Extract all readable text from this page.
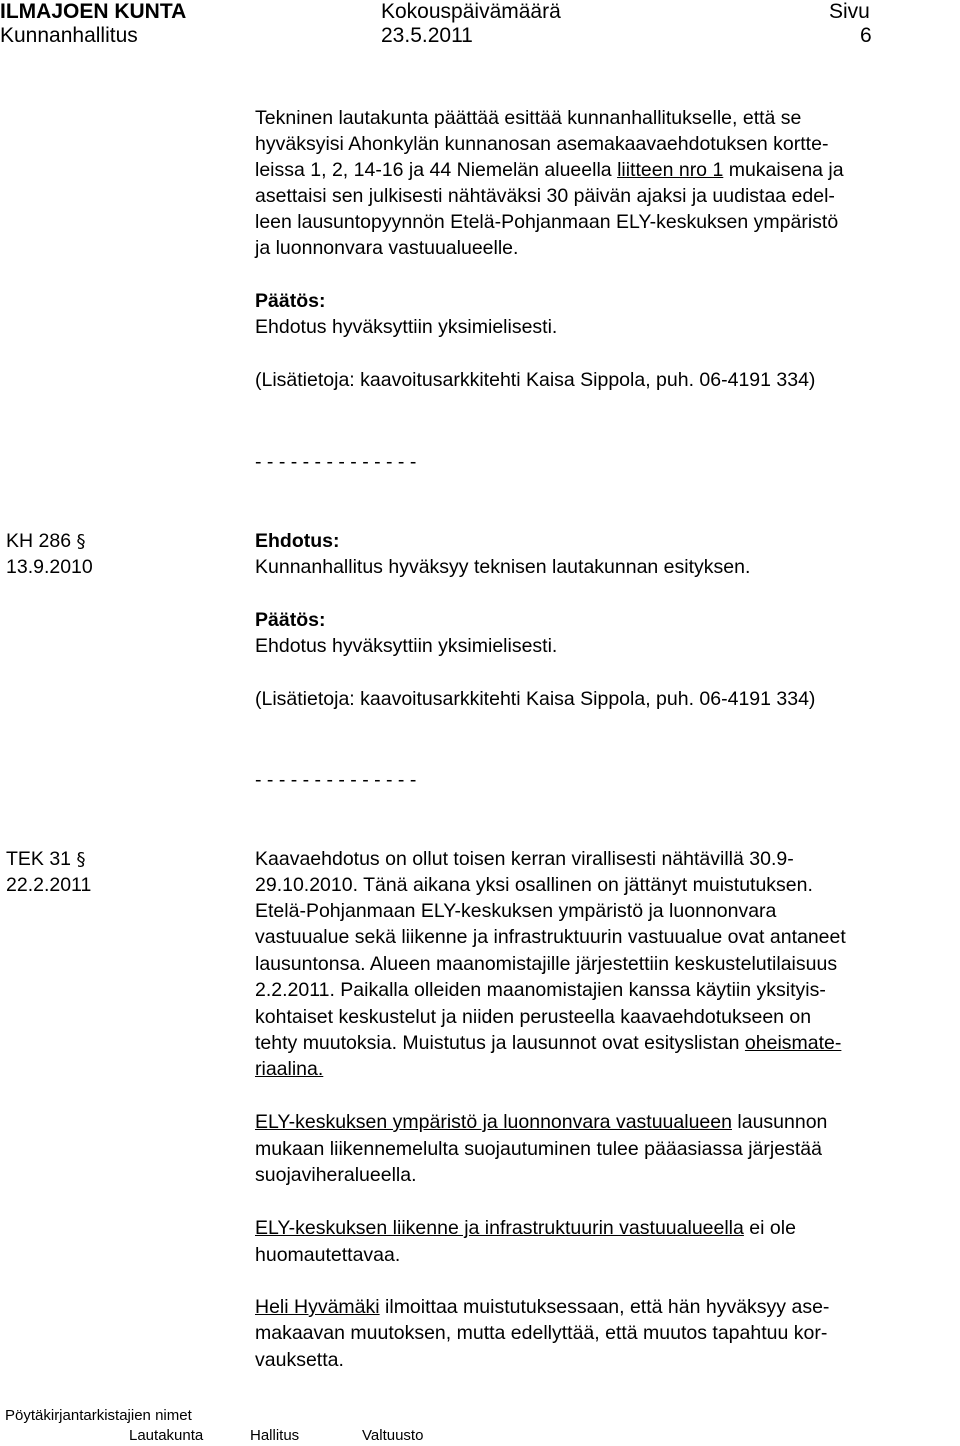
ILMAJOEN KUNTA
Kunnanhallitus
Kokouspäivämäärä
23.5.2011
Sivu
6
Tekninen lautakunta päättää esittää kunnanhallitukselle, että se
hyväksyisi Ahonkylän kunnanosan asemakaavaehdotuksen kortte-
leissa 1, 2, 14-16 ja 44 Niemelän alueella liitteen nro 1 mukaisena ja
asettaisi sen julkisesti nähtäväksi 30 päivän ajaksi ja uudistaa edel-
leen lausuntopyynnön Etelä-Pohjanmaan ELY-keskuksen ympäristö
ja luonnonvara vastuualueelle.
Päätös:
Ehdotus hyväksyttiin yksimielisesti.
(Lisätietoja: kaavoitusarkkitehti Kaisa Sippola, puh. 06-4191 334)
- - - - - - - - - - - - - -
KH 286 §
13.9.2010
Ehdotus:
Kunnanhallitus hyväksyy teknisen lautakunnan esityksen.
Päätös:
Ehdotus hyväksyttiin yksimielisesti.
(Lisätietoja: kaavoitusarkkitehti Kaisa Sippola, puh. 06-4191 334)
- - - - - - - - - - - - - -
TEK 31 §
22.2.2011
Kaavaehdotus on ollut toisen kerran virallisesti nähtävillä 30.9-
29.10.2010. Tänä aikana yksi osallinen on jättänyt muistutuksen.
Etelä-Pohjanmaan ELY-keskuksen ympäristö ja luonnonvara
vastuualue sekä liikenne ja infrastruktuurin vastuualue ovat antaneet
lausuntonsa. Alueen maanomistajille järjestettiin keskustelutilaisuus
2.2.2011. Paikalla olleiden maanomistajien kanssa käytiin yksityis-
kohtaiset keskustelut ja niiden perusteella kaavaehdotukseen on
tehty muutoksia. Muistutus ja lausunnot ovat esityslistan oheismate-
riaalina.
ELY-keskuksen ympäristö ja luonnonvara vastuualueen lausunnon
mukaan liikennemelulta suojautuminen tulee pääasiassa järjestää
suojaviheralueella.
ELY-keskuksen liikenne ja infrastruktuurin vastuualueella ei ole
huomautettavaa.
Heli Hyvämäki ilmoittaa muistutuksessaan, että hän hyväksyy ase-
makaavan muutoksen, mutta edellyttää, että muutos tapahtuu kor-
vauksetta.
Pöytäkirjantarkistajien nimet
Lautakunta	Hallitus	Valtuusto
